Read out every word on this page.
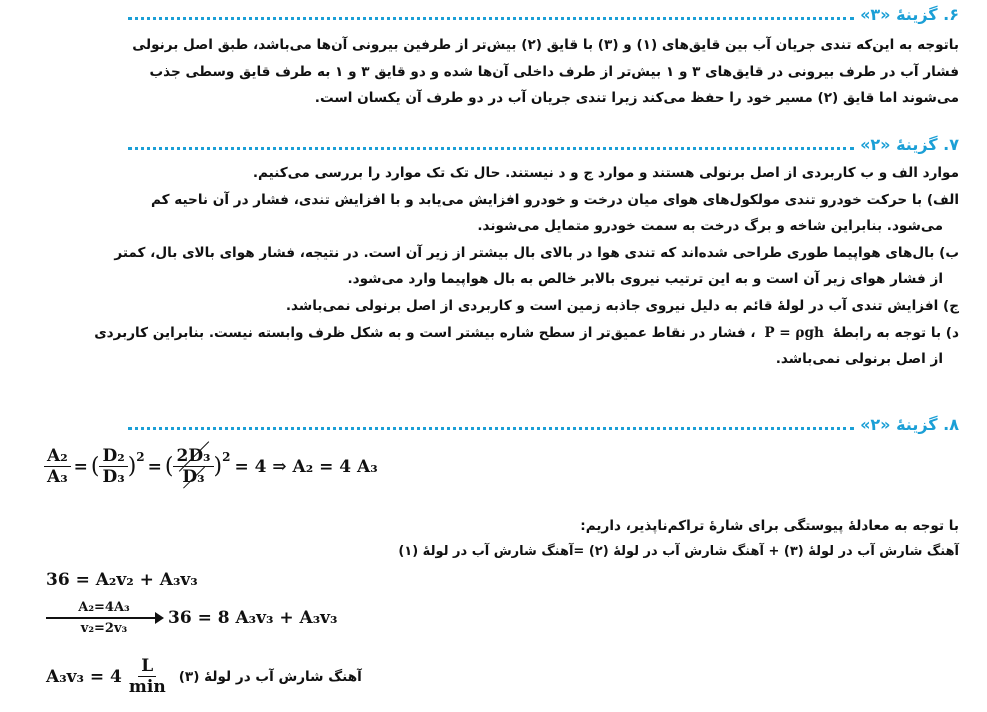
۶. گزینهٔ «۳»
باتوجه به این‌که تندی جریان آب بین قایق‌های (۱) و (۳) با قایق (۲) بیش‌تر از طرفین بیرونی آن‌ها می‌باشد، طبق اصل برنولی
فشار آب در طرف بیرونی در قایق‌های ۳ و ۱ بیش‌تر از طرف داخلی آن‌ها شده و دو قایق ۳ و ۱ به طرف قایق وسطی جذب
می‌شوند اما قایق (۲) مسیر خود را حفظ می‌کند زیرا تندی جریان آب در دو طرف آن یکسان است.
۷. گزینهٔ «۲»
موارد الف و ب کاربردی از اصل برنولی هستند و موارد ج و د نیستند. حال تک تک موارد را بررسی می‌کنیم.
الف) با حرکت خودرو تندی مولکول‌های هوای میان درخت و خودرو افزایش می‌یابد و با افزایش تندی، فشار در آن ناحیه کم
می‌شود. بنابراین شاخه و برگ درخت به سمت خودرو متمایل می‌شوند.
ب) بال‌های هواپیما طوری طراحی شده‌اند که تندی هوا در بالای بال بیشتر از زیر آن است. در نتیجه، فشار هوای بالای بال، کمتر
از فشار هوای زیر آن است و به این ترتیب نیروی بالابر خالص به بال هواپیما وارد می‌شود.
ج) افزایش تندی آب در لولهٔ قائم به دلیل نیروی جاذبه زمین است و کاربردی از اصل برنولی نمی‌باشد.
د) با توجه به رابطهٔ P = ρgh ، فشار در نقاط عمیق‌تر از سطح شاره بیشتر است و به شکل ظرف وابسته نیست. بنابراین کاربردی
از اصل برنولی نمی‌باشد.
۸. گزینهٔ «۲»
$\frac{\text{A₂}}{\text{A₃}}$ = ( $\frac{\text{D₂}}{\text{D₃}} )^2$ = ( $\frac{\text{2D₃}}{\text{D₃}} )^2 = 4$ ⇒ A₂ = 4 A₃
با توجه به معادلهٔ پیوستگی برای شارهٔ تراکم‌ناپذیر، داریم:
آهنگ شارش آب در لولهٔ (۳) + آهنگ شارش آب در لولهٔ (۲) =آهنگ شارش آب در لولهٔ (۱)
36 = A₂v₂ + A₃v₃
A₂=4A₃
v₂=2v₃
36 = 8 A₃v₃ + A₃v₃
$A_3v_3 = 4 \frac{L}{\min}$ آهنگ شارش آب در لولهٔ (۳)
